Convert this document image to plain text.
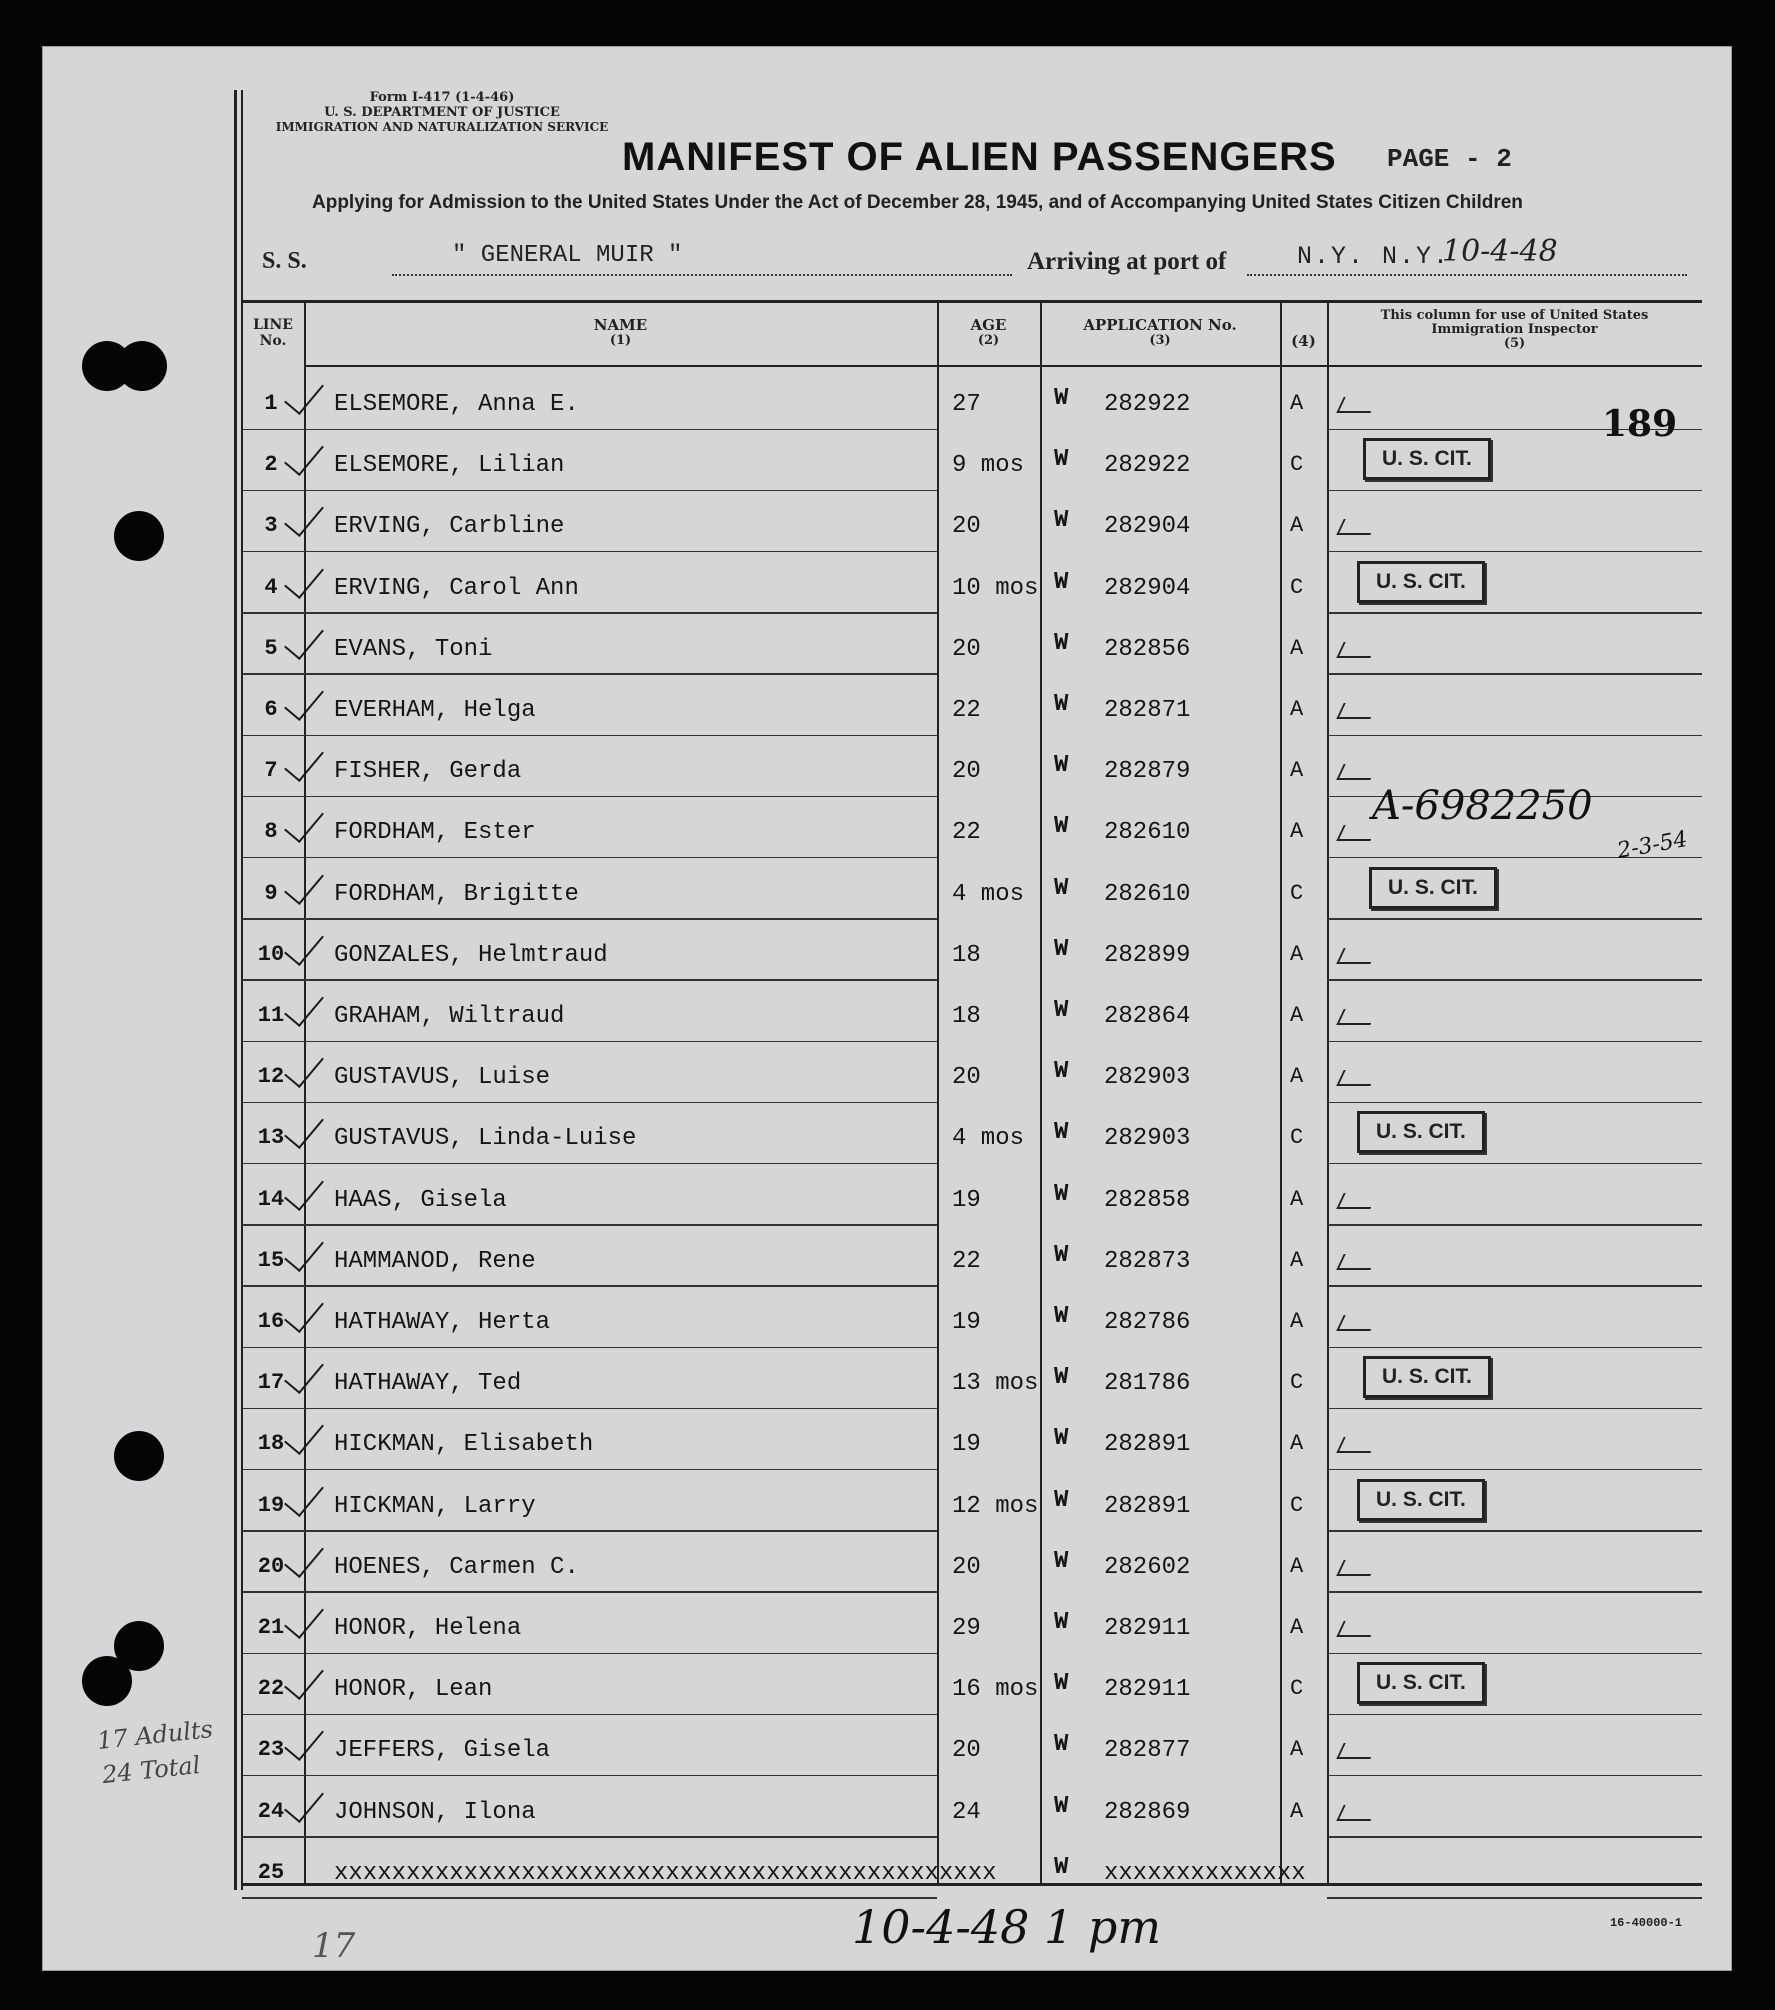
17 Adults
24 Total
17
Form I-417 (1-4-46)
U. S. DEPARTMENT OF JUSTICE
IMMIGRATION AND NATURALIZATION SERVICE
MANIFEST OF ALIEN PASSENGERS PAGE - 2
Applying for Admission to the United States Under the Act of December 28, 1945, and of Accompanying United States Citizen Children
S. S.	" GENERAL MUIR "	Arriving at port of	N.Y. N.Y.
10-4-48
LINE No.
NAME
(1)
AGE
(2)
APPLICATION No.
(3)	(4)
This column for use of United States Immigration Inspector
(5)
1	ELSEMORE, Anna E.	27	W 282922	A
2	ELSEMORE, Lilian	9 mos W 282922	C	U. S. CIT.
3	ERVING, Carbline	20	W 282904	A
4	ERVING, Carol Ann	10 mos W 282904	C	U. S. CIT.
5	EVANS, Toni	20	W 282856	A
6	EVERHAM, Helga	22	W 282871	A
7	FISHER, Gerda	20	W 282879	A
8	FORDHAM, Ester	22	W 282610	A
9	FORDHAM, Brigitte	4 mos W 282610	C	U. S. CIT.
10	GONZALES, Helmtraud	18	W 282899	A
11	GRAHAM, Wiltraud	18	W 282864	A
12	GUSTAVUS, Luise	20	W 282903	A
13	GUSTAVUS, Linda-Luise	4 mos W 282903	C	U. S. CIT.
14	HAAS, Gisela	19	W 282858	A
15	HAMMANOD, Rene	22	W 282873	A
16	HATHAWAY, Herta	19	W 282786	A
17	HATHAWAY, Ted	13 mos W 281786	C	U. S. CIT.
18	HICKMAN, Elisabeth	19	W 282891	A
19	HICKMAN, Larry	12 mos W 282891	C	U. S. CIT.
20	HOENES, Carmen C.	20	W 282602	A
21	HONOR, Helena	29	W 282911	A
22	HONOR, Lean	16 mos W 282911	C	U. S. CIT.
23	JEFFERS, Gisela	20	W 282877	A
24	JOHNSON, Ilona	24	W 282869	A
25	xxxxxxxxxxxxxxxxxxxxxxxxxxxxxxxxxxxxxxxxxxxxxx W xxxxxxxxxxxxxx
189
A-6982250
2-3-54
10-4-48 1 pm	16-40000-1
